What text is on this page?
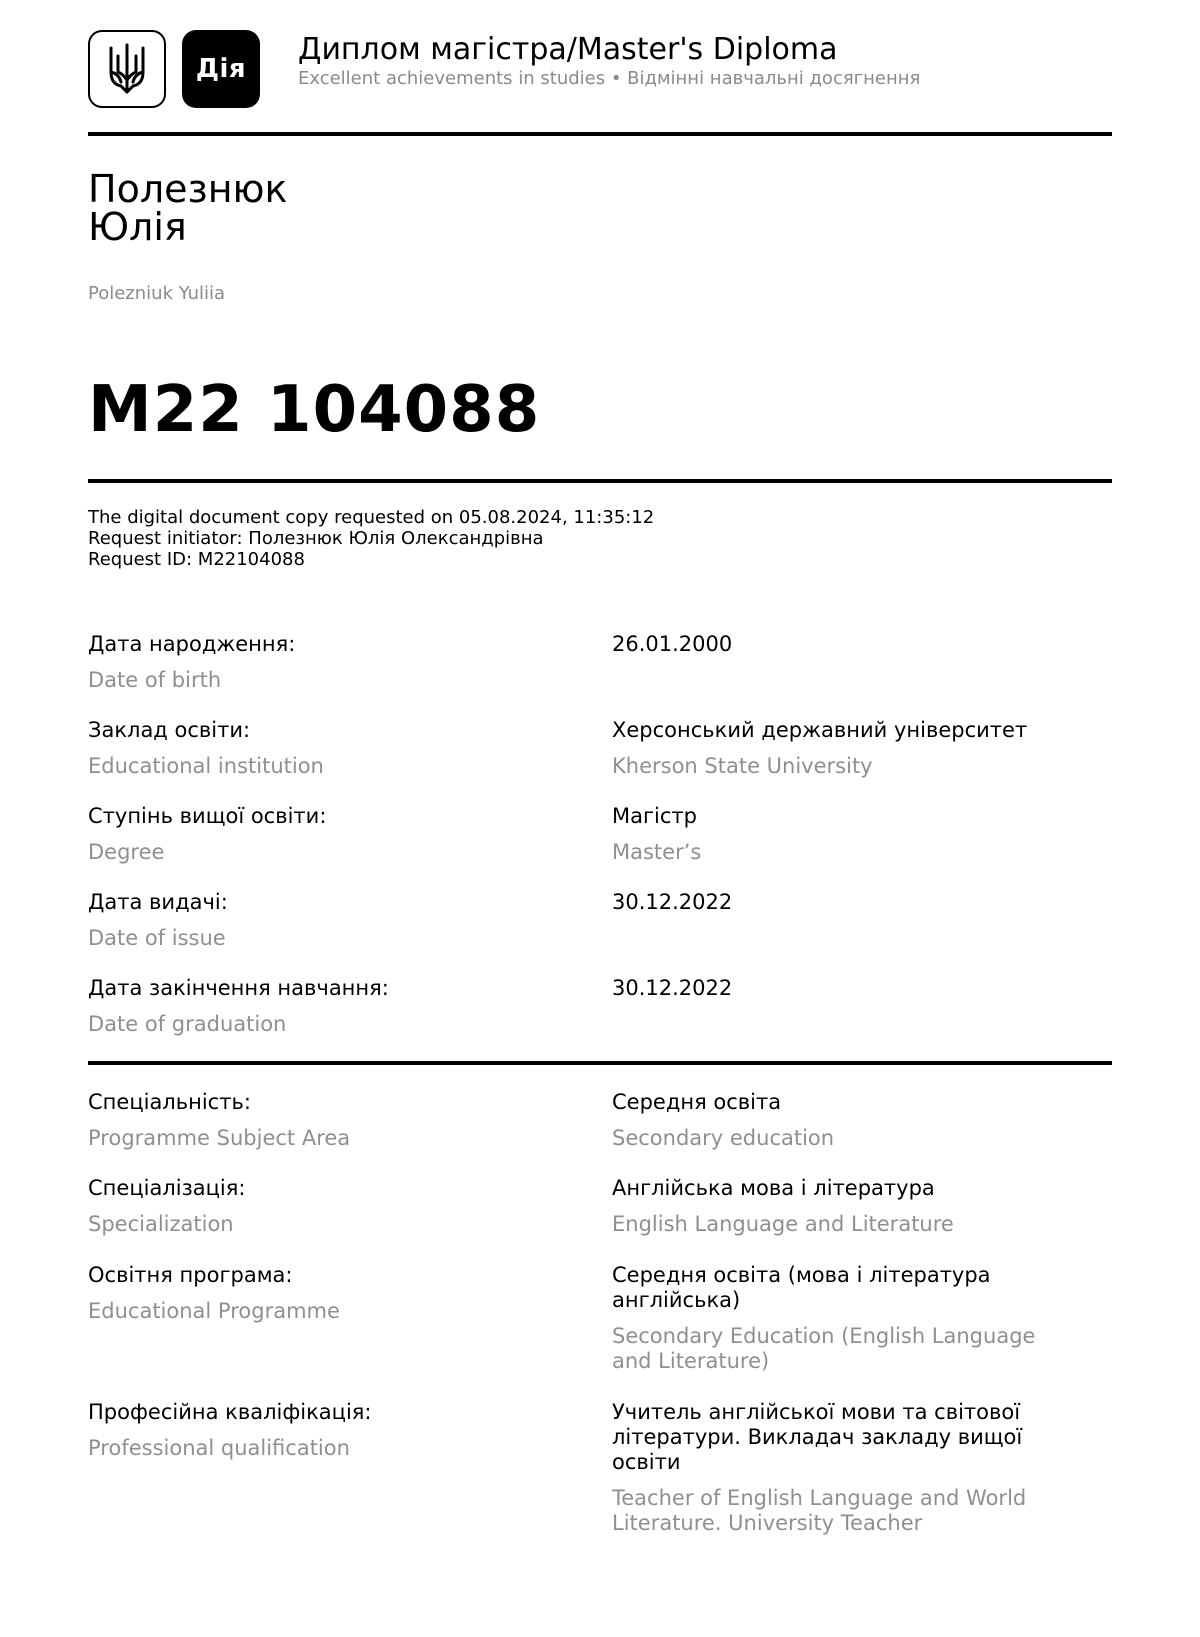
Дія
Диплом магістра/Master's Diploma
Excellent achievements in studies • Відмінні навчальні досягнення
Полезнюк
Юлія
Polezniuk Yuliia
М22 104088
The digital document copy requested on 05.08.2024, 11:35:12
Request initiator: Полезнюк Юлія Олександрівна
Request ID: M22104088
Дата народження:
Date of birth
26.01.2000
Заклад освіти:
Educational institution
Херсонський державний університет
Kherson State University
Ступінь вищої освіти:
Degree
Магістр
Master’s
Дата видачі:
Date of issue
30.12.2022
Дата закінчення навчання:
Date of graduation
30.12.2022
Спеціальність:
Programme Subject Area
Середня освіта
Secondary education
Спеціалізація:
Specialization
Англійська мова і література
English Language and Literature
Освітня програма:
Educational Programme
Середня освіта (мова і література
англійська)
Secondary Education (English Language
and Literature)
Професійна кваліфікація:
Professional qualification
Учитель англійської мови та світової
літератури. Викладач закладу вищої
освіти
Teacher of English Language and World
Literature. University Teacher
